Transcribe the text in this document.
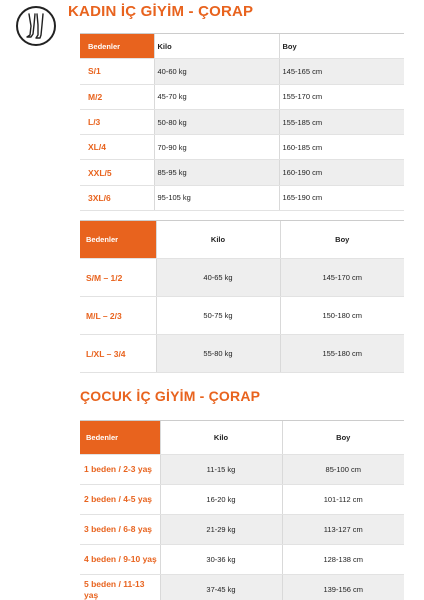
KADIN İÇ GİYİM - ÇORAP
Bedenler	Kilo	Boy
S/1	40-60 kg	145-165 cm
M/2	45-70 kg	155-170 cm
L/3	50-80 kg	155-185 cm
XL/4	70-90 kg	160-185 cm
XXL/5	85-95 kg	160-190 cm
3XL/6	95-105 kg	165-190 cm
Bedenler	Kilo	Boy
S/M – 1/2	40-65 kg	145-170 cm
M/L – 2/3	50-75 kg	150-180 cm
L/XL – 3/4	55-80 kg	155-180 cm
ÇOCUK İÇ GİYİM - ÇORAP
Bedenler	Kilo	Boy
1 beden / 2-3 yaş	11-15 kg	85-100 cm
2 beden / 4-5 yaş	16-20 kg	101-112 cm
3 beden / 6-8 yaş	21-29 kg	113-127 cm
4 beden / 9-10 yaş	30-36 kg	128-138 cm
5 beden / 11-13 yaş	37-45 kg	139-156 cm
